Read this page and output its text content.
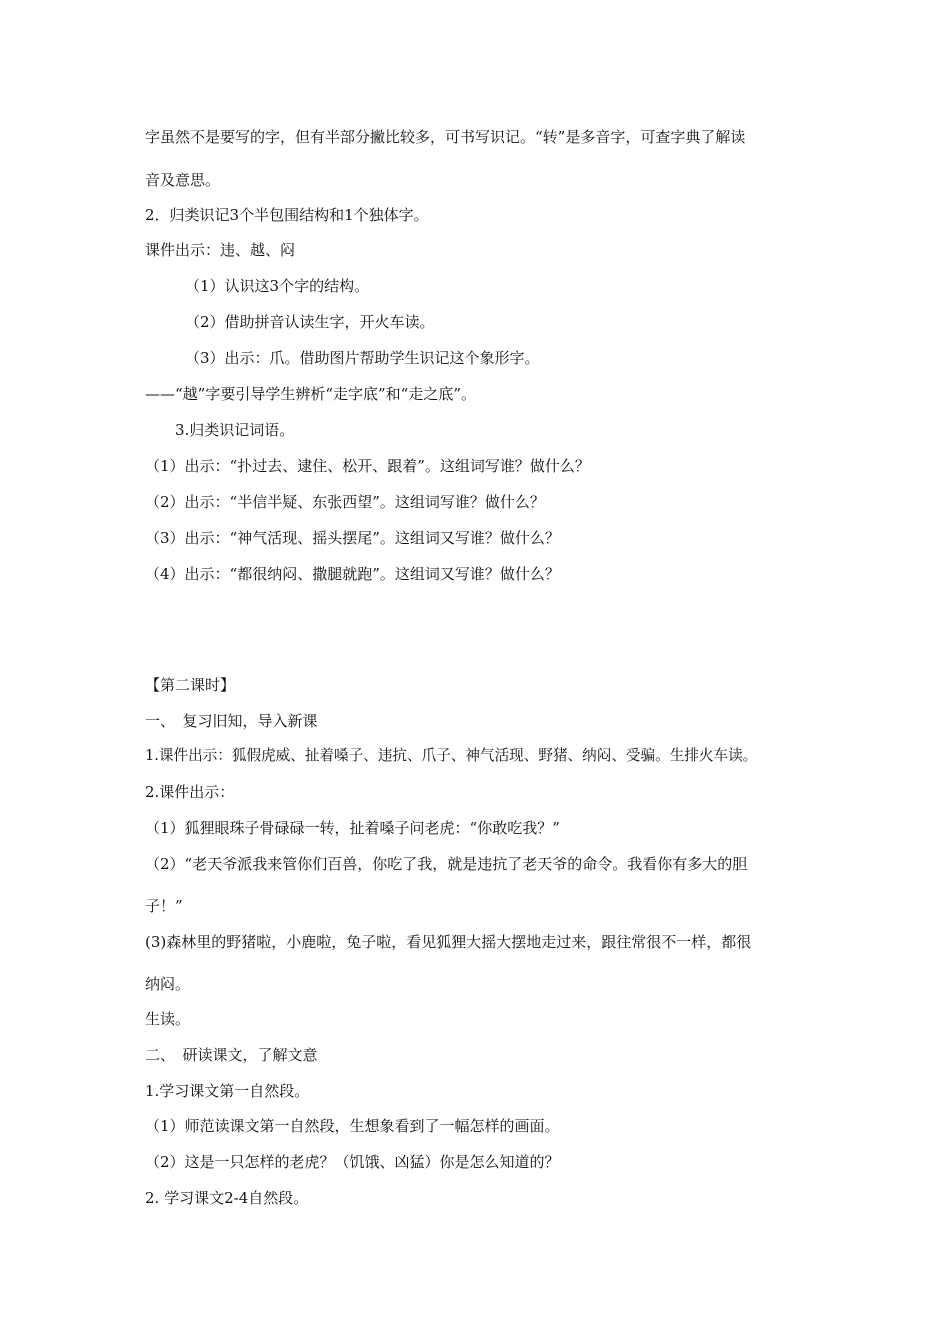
字虽然不是要写的字，但有半部分撇比较多，可书写识记。“转”是多音字，可查字典了解读

音及意思。

2．归类识记3个半包围结构和1个独体字。

课件出示：违、越、闷

（1）认识这3个字的结构。

（2）借助拼音认读生字，开火车读。

（3）出示：爪。借助图片帮助学生识记这个象形字。

——“越”字要引导学生辨析“走字底”和“走之底”。

3.归类识记词语。

（1）出示：“扑过去、逮住、松开、跟着”。这组词写谁？做什么？

（2）出示：“半信半疑、东张西望”。这组词写谁？做什么？

（3）出示：“神气活现、摇头摆尾”。这组词又写谁？做什么？

（4）出示：“都很纳闷、撒腿就跑”。这组词又写谁？做什么？

【第二课时】

一、　复习旧知，导入新课

1.课件出示：狐假虎威、扯着嗓子、违抗、爪子、神气活现、野猪、纳闷、受骗。生排火车读。

2.课件出示：

（1）狐狸眼珠子骨碌碌一转，扯着嗓子问老虎：“你敢吃我？”

（2）“老天爷派我来管你们百兽，你吃了我，就是违抗了老天爷的命令。我看你有多大的胆

子！”

(3)森林里的野猪啦，小鹿啦，兔子啦，看见狐狸大摇大摆地走过来，跟往常很不一样，都很

纳闷。

生读。

二、　研读课文，了解文意

1.学习课文第一自然段。

（1）师范读课文第一自然段，生想象看到了一幅怎样的画面。

（2）这是一只怎样的老虎？（饥饿、凶猛）你是怎么知道的？

2. 学习课文2-4自然段。
